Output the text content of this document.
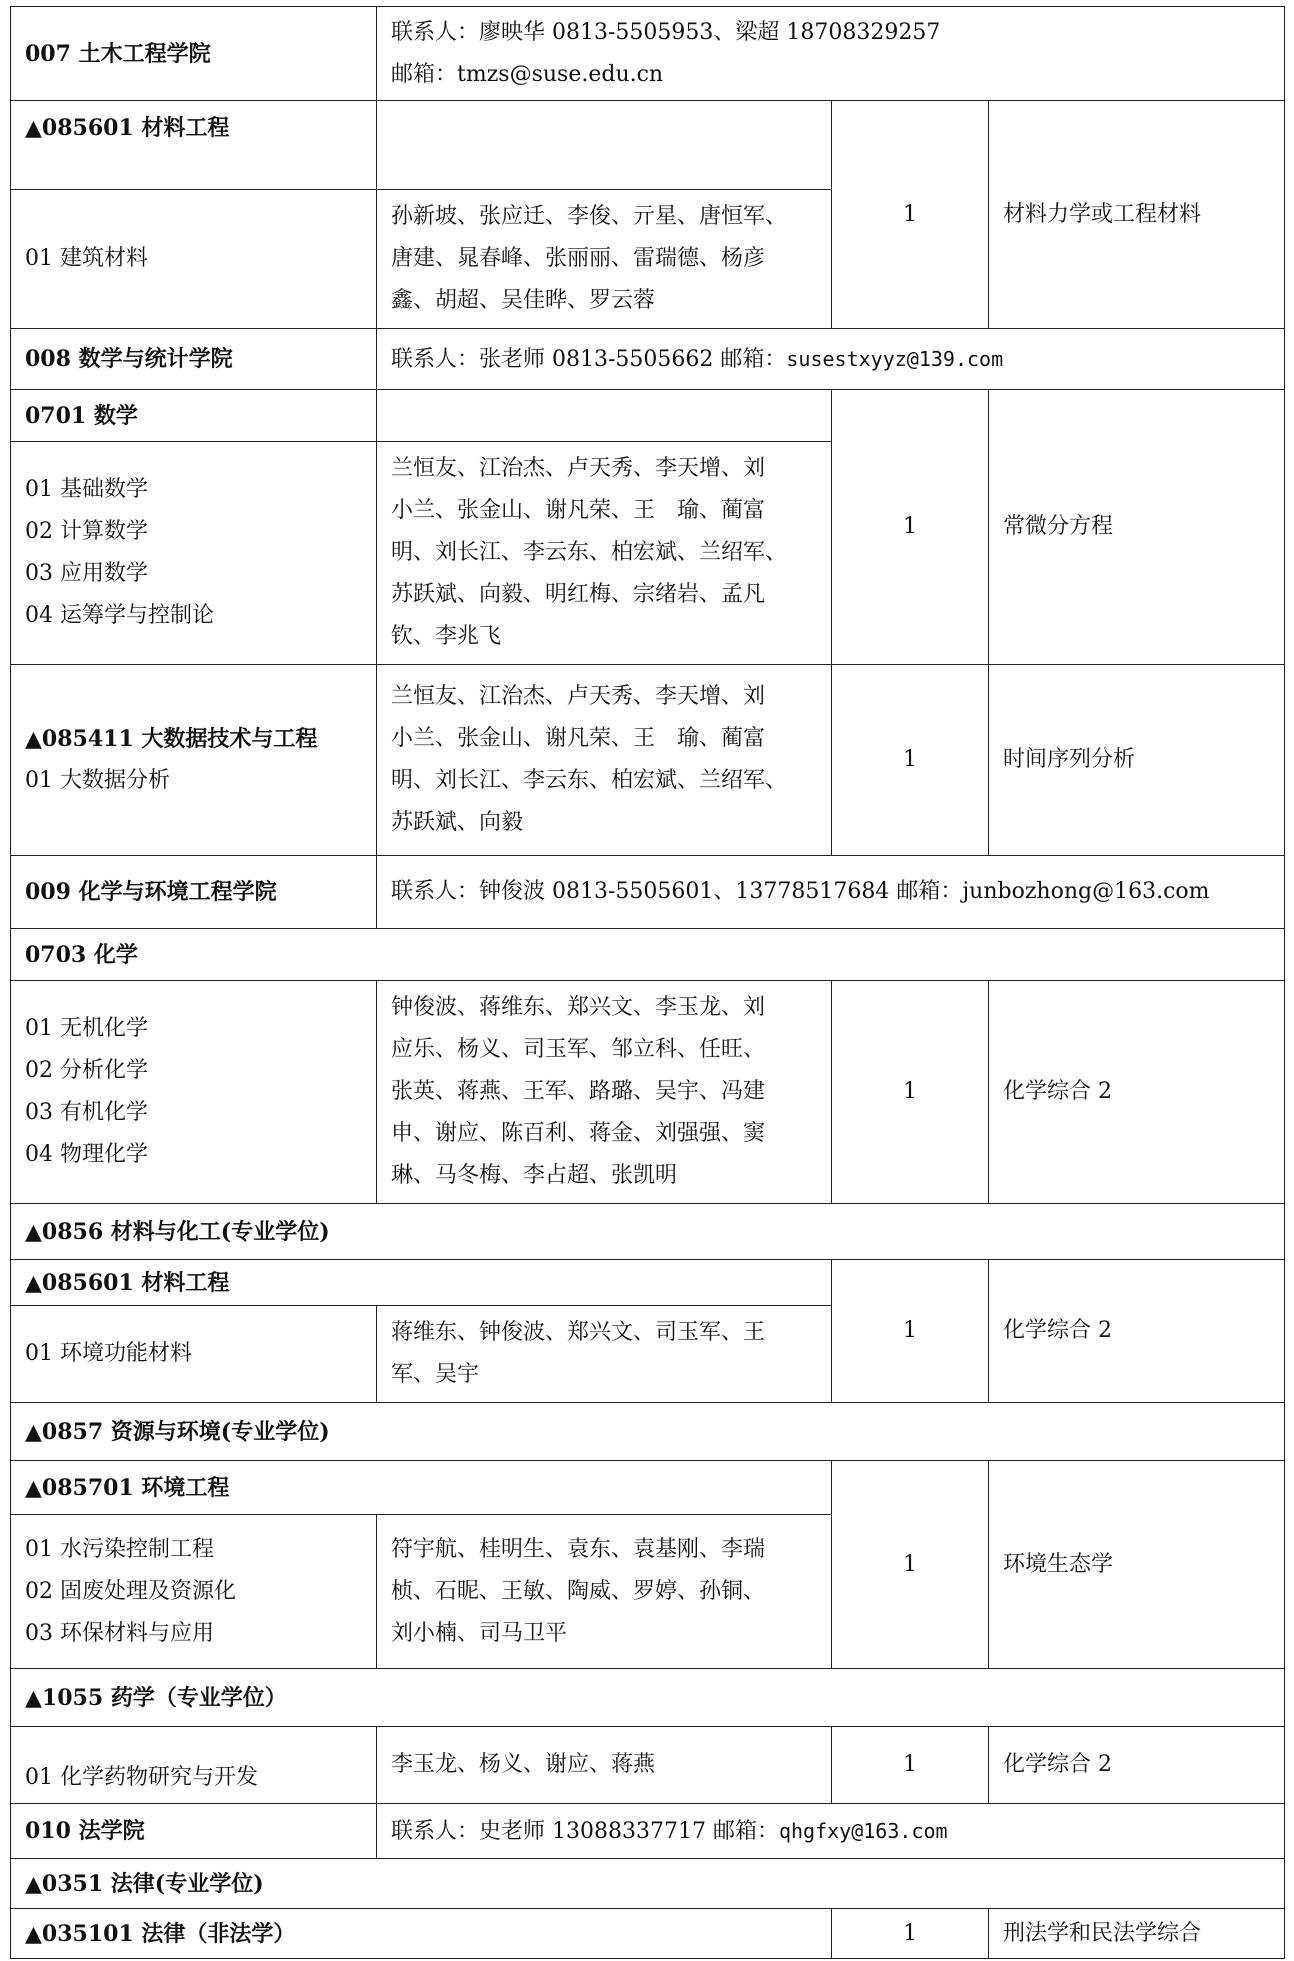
007 土木工程学院	联系人：廖映华 0813-5505953、梁超 18708329257
邮箱：tmzs@suse.edu.cn		

▲085601 材料工程		1	材料力学或工程材料
01 建筑材料	孙新坡、张应迁、李俊、亓星、唐恒军、
唐建、晁春峰、张丽丽、雷瑞德、杨彦
鑫、胡超、吴佳晔、罗云蓉		

008 数学与统计学院	联系人：张老师 0813-5505662 邮箱：susestxyyz@139.com		
0701 数学		1	常微分方程

01 基础数学
02 计算数学
03 应用数学
04 运筹学与控制论	兰恒友、江治杰、卢天秀、李天增、刘
小兰、张金山、谢凡荣、王　瑜、蔺富
明、刘长江、李云东、柏宏斌、兰绍军、
苏跃斌、向毅、明红梅、宗绪岩、孟凡
钦、李兆飞		

▲085411 大数据技术与工程
01 大数据分析	兰恒友、江治杰、卢天秀、李天增、刘
小兰、张金山、谢凡荣、王　瑜、蔺富
明、刘长江、李云东、柏宏斌、兰绍军、
苏跃斌、向毅	1	时间序列分析
009 化学与环境工程学院	联系人：钟俊波 0813-5505601、13778517684 邮箱：junbozhong@163.com		
0703 化学			

01 无机化学
02 分析化学
03 有机化学
04 物理化学	钟俊波、蒋维东、郑兴文、李玉龙、刘
应乐、杨义、司玉军、邹立科、任旺、
张英、蒋燕、王军、路璐、吴宇、冯建
申、谢应、陈百利、蒋金、刘强强、窦
琳、马冬梅、李占超、张凯明	1	化学综合 2
▲0856 材料与化工(专业学位)			
▲085601 材料工程		1	化学综合 2
01 环境功能材料	蒋维东、钟俊波、郑兴文、司玉军、王
军、吴宇		

▲0857 资源与环境(专业学位)			
▲085701 环境工程		1	环境生态学

01 水污染控制工程
02 固废处理及资源化
03 环保材料与应用	符宇航、桂明生、袁东、袁基刚、李瑞
桢、石昵、王敏、陶威、罗婷、孙铜、
刘小楠、司马卫平		

▲1055 药学（专业学位）			
01 化学药物研究与开发	李玉龙、杨义、谢应、蒋燕	1	化学综合 2
010 法学院	联系人：史老师 13088337717 邮箱：qhgfxy@163.com		
▲0351 法律(专业学位)			
▲035101 法律（非法学）		1	刑法学和民法学综合
